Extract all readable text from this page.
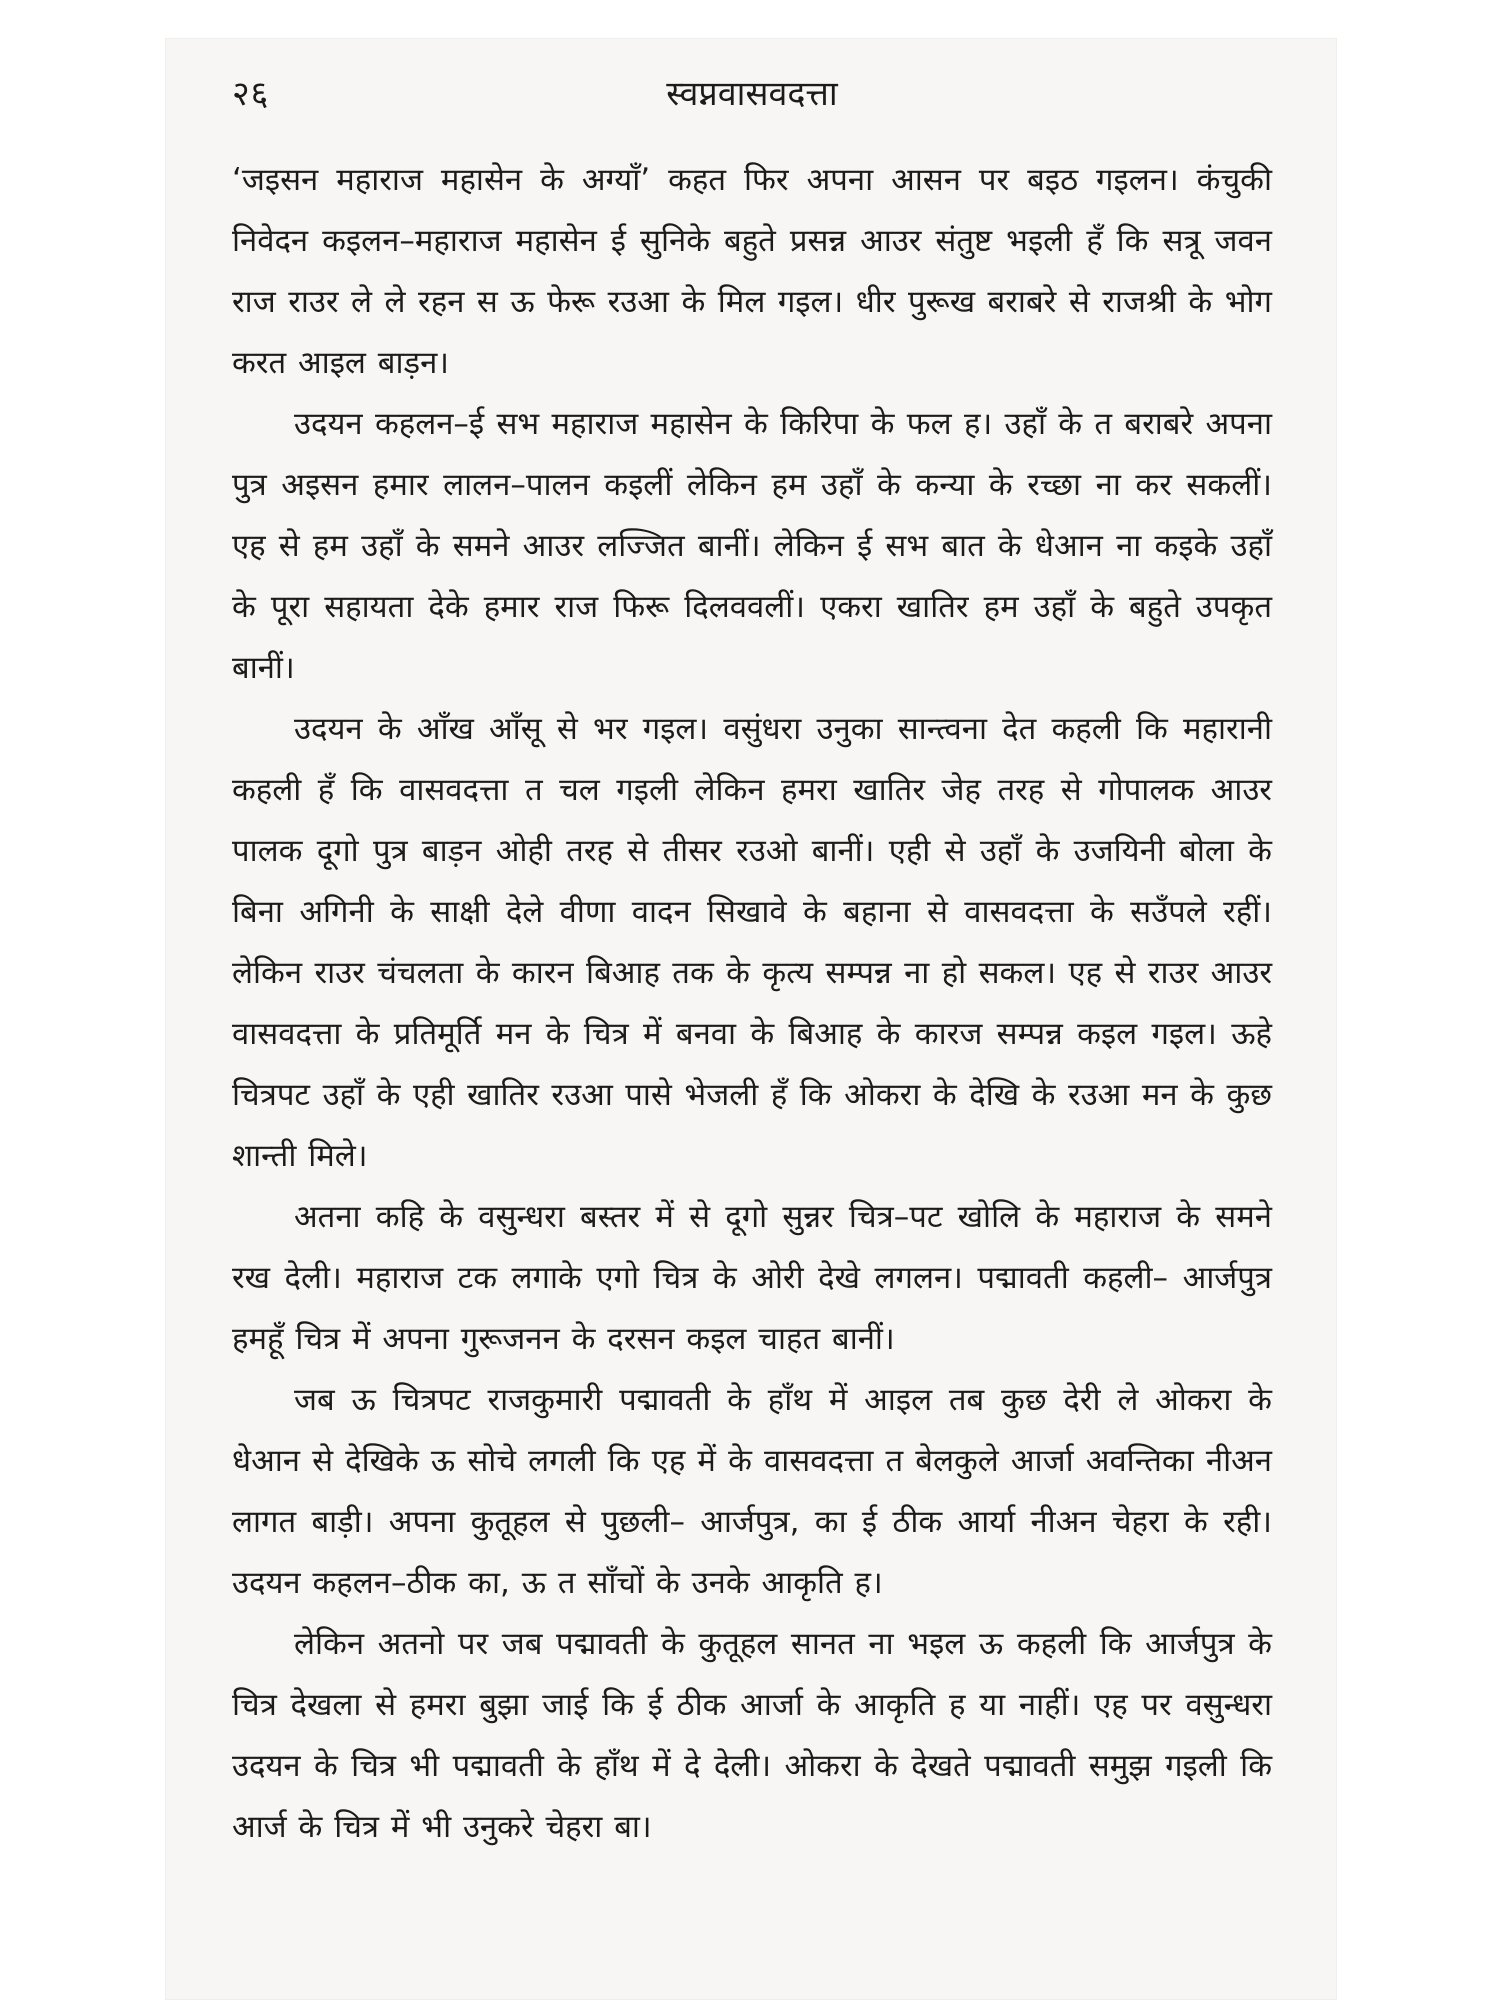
२६	स्वप्नवासवदत्ता

‘जइसन महाराज महासेन के अग्याँ’ कहत फिर अपना आसन पर बइठ गइलन। कंचुकी निवेदन कइलन–महाराज महासेन ई सुनिके बहुते प्रसन्न आउर संतुष्ट भइली हँ कि सत्रू जवन राज राउर ले ले रहन स ऊ फेरू रउआ के मिल गइल। धीर पुरूख बराबरे से राजश्री के भोग करत आइल बाड़न।

उदयन कहलन–ई सभ महाराज महासेन के किरिपा के फल ह। उहाँ के त बराबरे अपना पुत्र अइसन हमार लालन–पालन कइलीं लेकिन हम उहाँ के कन्या के रच्छा ना कर सकलीं। एह से हम उहाँ के समने आउर लज्जित बानीं। लेकिन ई सभ बात के धेआन ना कइके उहाँ के पूरा सहायता देके हमार राज फिरू दिलववलीं। एकरा खातिर हम उहाँ के बहुते उपकृत बानीं।

उदयन के आँख आँसू से भर गइल। वसुंधरा उनुका सान्त्वना देत कहली कि महारानी कहली हँ कि वासवदत्ता त चल गइली लेकिन हमरा खातिर जेह तरह से गोपालक आउर पालक दूगो पुत्र बाड़न ओही तरह से तीसर रउओ बानीं। एही से उहाँ के उजयिनी बोला के बिना अगिनी के साक्षी देले वीणा वादन सिखावे के बहाना से वासवदत्ता के सउँपले रहीं। लेकिन राउर चंचलता के कारन बिआह तक के कृत्य सम्पन्न ना हो सकल। एह से राउर आउर वासवदत्ता के प्रतिमूर्ति मन के चित्र में बनवा के बिआह के कारज सम्पन्न कइल गइल। ऊहे चित्रपट उहाँ के एही खातिर रउआ पासे भेजली हँ कि ओकरा के देखि के रउआ मन के कुछ शान्ती मिले।

अतना कहि के वसुन्धरा बस्तर में से दूगो सुन्नर चित्र–पट खोलि के महाराज के समने रख देली। महाराज टक लगाके एगो चित्र के ओरी देखे लगलन। पद्मावती कहली– आर्जपुत्र हमहूँ चित्र में अपना गुरूजनन के दरसन कइल चाहत बानीं।

जब ऊ चित्रपट राजकुमारी पद्मावती के हाँथ में आइल तब कुछ देरी ले ओकरा के धेआन से देखिके ऊ सोचे लगली कि एह में के वासवदत्ता त बेलकुले आर्जा अवन्तिका नीअन लागत बाड़ी। अपना कुतूहल से पुछली– आर्जपुत्र, का ई ठीक आर्या नीअन चेहरा के रही। उदयन कहलन–ठीक का, ऊ त साँचों के उनके आकृति ह।

लेकिन अतनो पर जब पद्मावती के कुतूहल सानत ना भइल ऊ कहली कि आर्जपुत्र के चित्र देखला से हमरा बुझा जाई कि ई ठीक आर्जा के आकृति ह या नाहीं। एह पर वसुन्धरा उदयन के चित्र भी पद्मावती के हाँथ में दे देली। ओकरा के देखते पद्मावती समुझ गइली कि आर्ज के चित्र में भी उनुकरे चेहरा बा।
